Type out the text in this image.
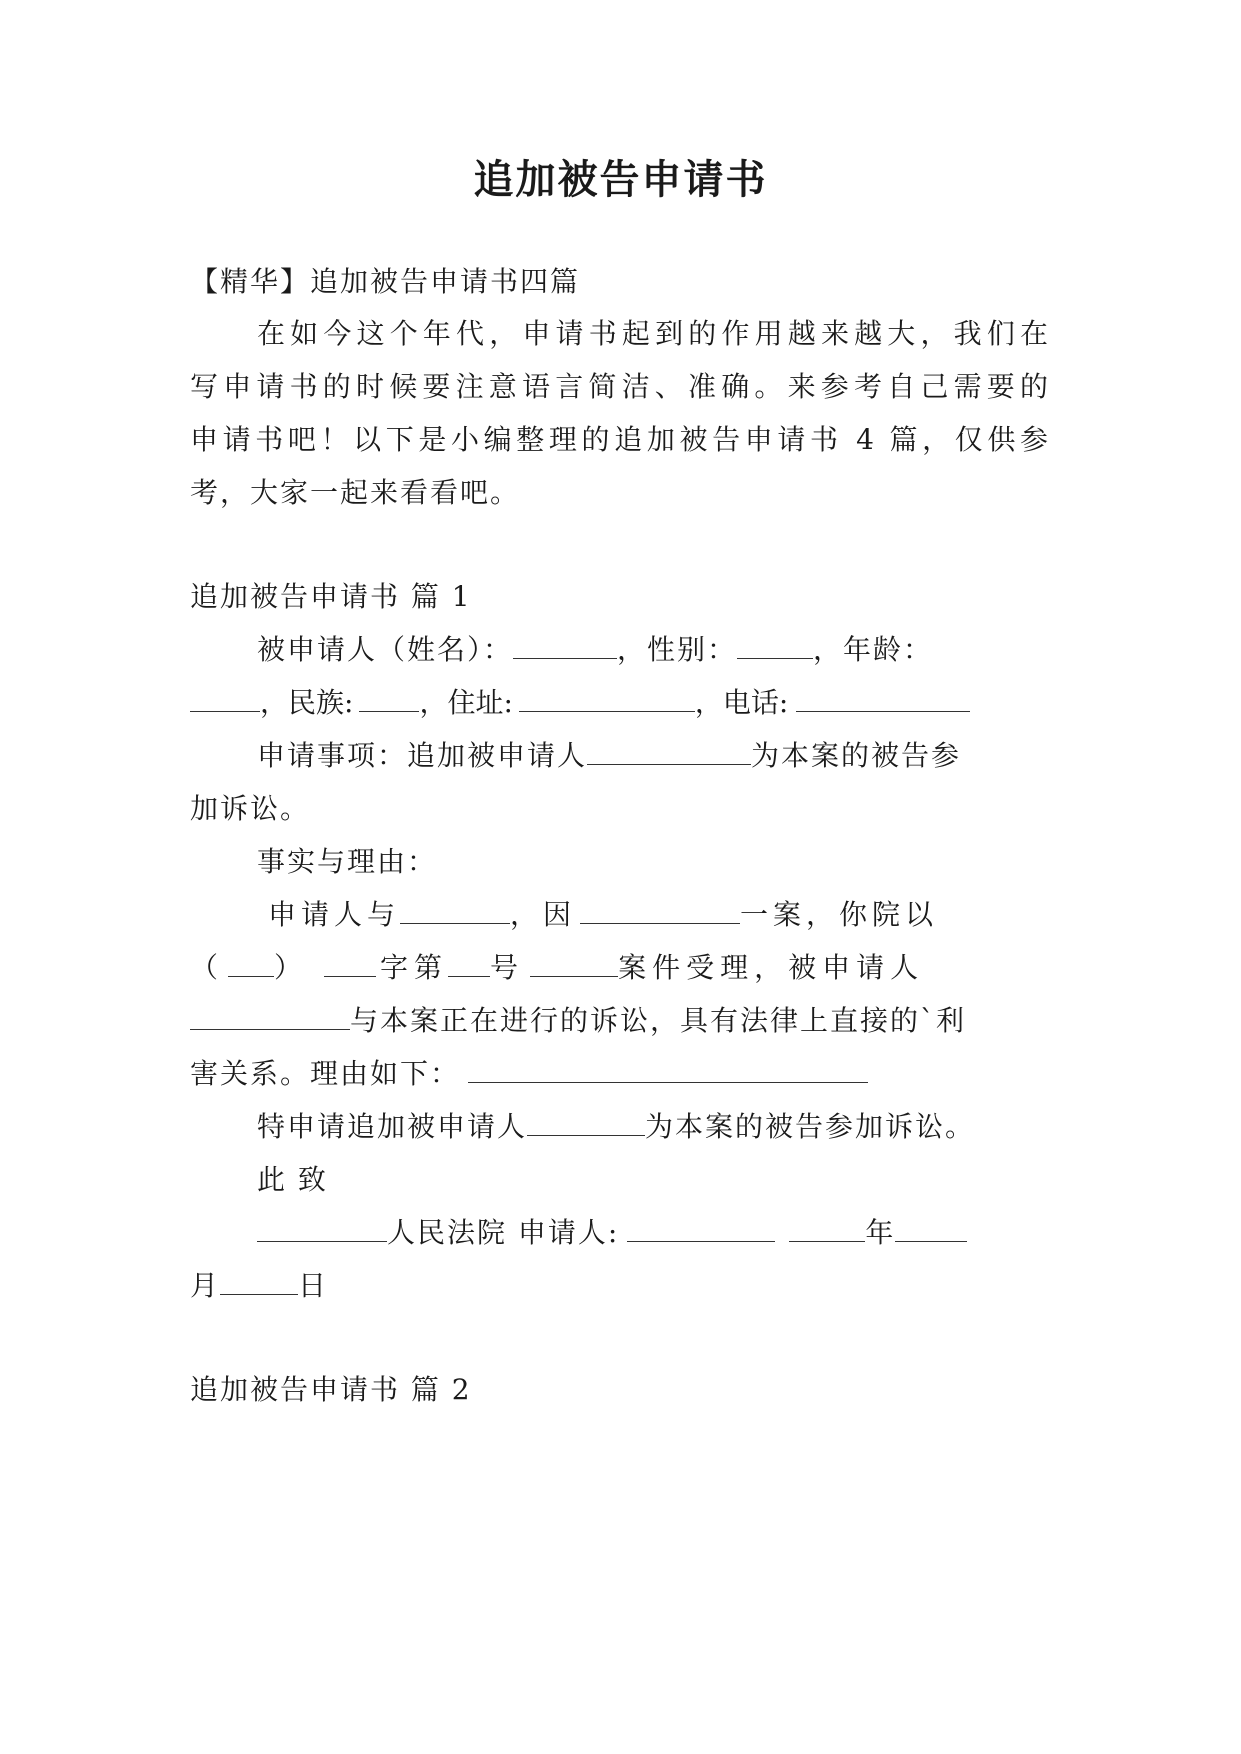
追加被告申请书
【精华】追加被告申请书四篇
在如今这个年代，申请书起到的作用越来越大，我们在
写申请书的时候要注意语言简洁、准确。来参考自己需要的
申请书吧！以下是小编整理的追加被告申请书 4 篇，仅供参
考，大家一起来看看吧。
追加被告申请书 篇 1
被申请人（姓名）：	，性别：	，年龄：
，民族: ，住址:	，电话:
申请事项：追加被申请人	为本案的被告参
加诉讼。
事实与理由：
申请人与	，因	一案，你院以
（ ）	字第 号	案件受理，被申请人
与本案正在进行的诉讼，具有法律上直接的`利
害关系。理由如下：
特申请追加被申请人	为本案的被告参加诉讼。
此 致
人民法院 申请人:	年
月	日
追加被告申请书 篇 2
